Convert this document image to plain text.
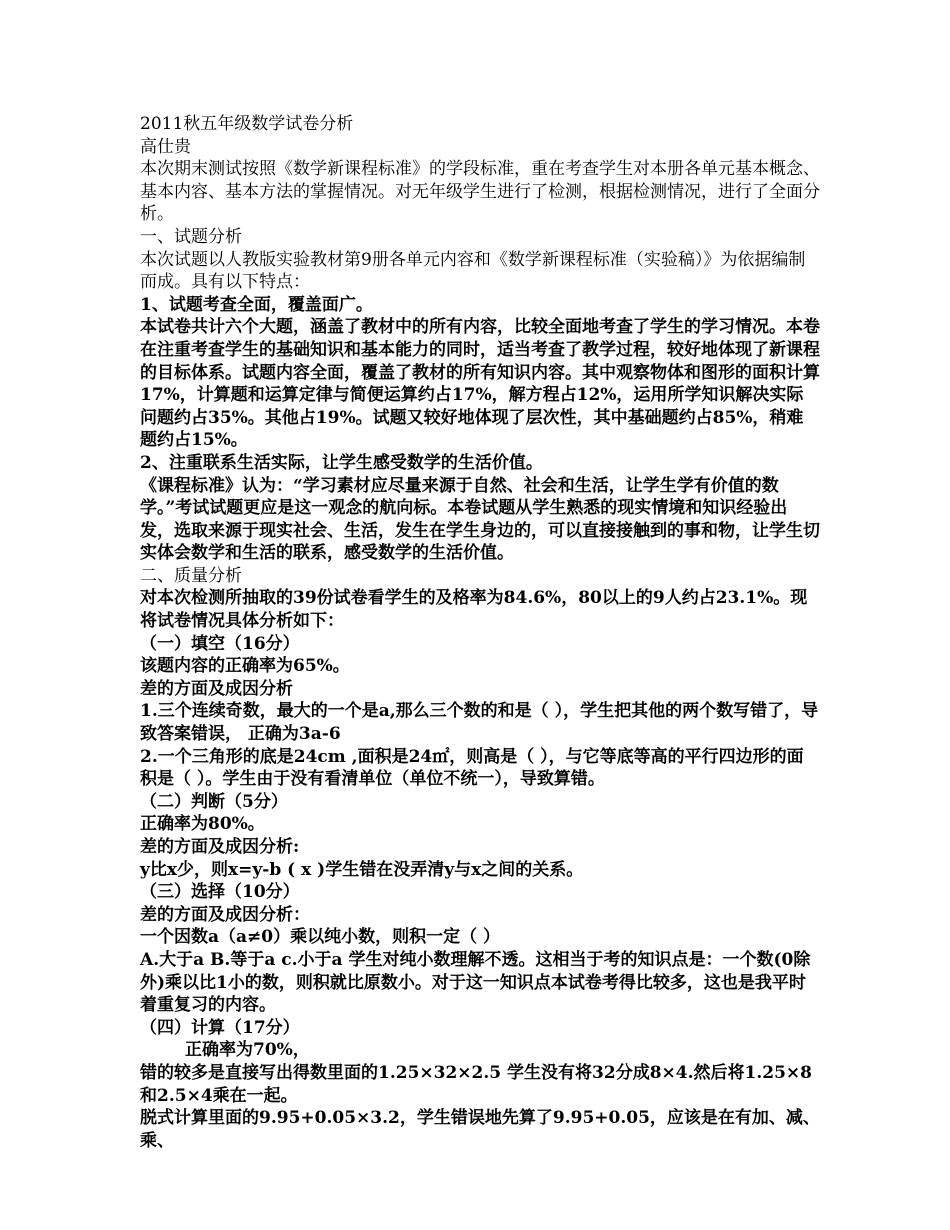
2011秋五年级数学试卷分析

高仕贵

本次期末测试按照《数学新课程标准》的学段标准，重在考查学生对本册各单元基本概念、基本内容、基本方法的掌握情况。对无年级学生进行了检测，根据检测情况，进行了全面分析。

一、试题分析

本次试题以人教版实验教材第9册各单元内容和《数学新课程标准（实验稿）》为依据编制而成。具有以下特点：

1、试题考查全面，覆盖面广。

本试卷共计六个大题，涵盖了教材中的所有内容，比较全面地考查了学生的学习情况。本卷在注重考查学生的基础知识和基本能力的同时，适当考查了教学过程，较好地体现了新课程的目标体系。试题内容全面，覆盖了教材的所有知识内容。其中观察物体和图形的面积计算17%，计算题和运算定律与简便运算约占17%，解方程占12%，运用所学知识解决实际问题约占35%。其他占19%。试题又较好地体现了层次性，其中基础题约占85%，稍难题约占15%。

2、注重联系生活实际，让学生感受数学的生活价值。

《课程标准》认为：“学习素材应尽量来源于自然、社会和生活，让学生学有价值的数学。”考试试题更应是这一观念的航向标。本卷试题从学生熟悉的现实情境和知识经验出发，选取来源于现实社会、生活，发生在学生身边的，可以直接接触到的事和物，让学生切实体会数学和生活的联系，感受数学的生活价值。

二、质量分析

对本次检测所抽取的39份试卷看学生的及格率为84.6%，80以上的9人约占23.1%。现将试卷情况具体分析如下：

（一）填空（16分）

该题内容的正确率为65%。

差的方面及成因分析

1.三个连续奇数，最大的一个是a,那么三个数的和是（ ），学生把其他的两个数写错了，导致答案错误， 正确为3a-6

2.一个三角形的底是24cm ,面积是24㎡，则高是（ ），与它等底等高的平行四边形的面积是（ ）。学生由于没有看清单位（单位不统一），导致算错。

（二）判断（5分）

正确率为80%。

差的方面及成因分析:

y比x少，则x=y-b ( x )学生错在没弄清y与x之间的关系。

（三）选择（10分）

差的方面及成因分析：

一个因数a（a≠0）乘以纯小数，则积一定（ ）

A.大于a B.等于a c.小于a 学生对纯小数理解不透。这相当于考的知识点是：一个数(0除外)乘以比1小的数，则积就比原数小。对于这一知识点本试卷考得比较多，这也是我平时着重复习的内容。

（四）计算（17分）

正确率为70%，

错的较多是直接写出得数里面的1.25×32×2.5 学生没有将32分成8×4.然后将1.25×8和2.5×4乘在一起。

脱式计算里面的9.95+0.05×3.2，学生错误地先算了9.95+0.05，应该是在有加、减、乘、
